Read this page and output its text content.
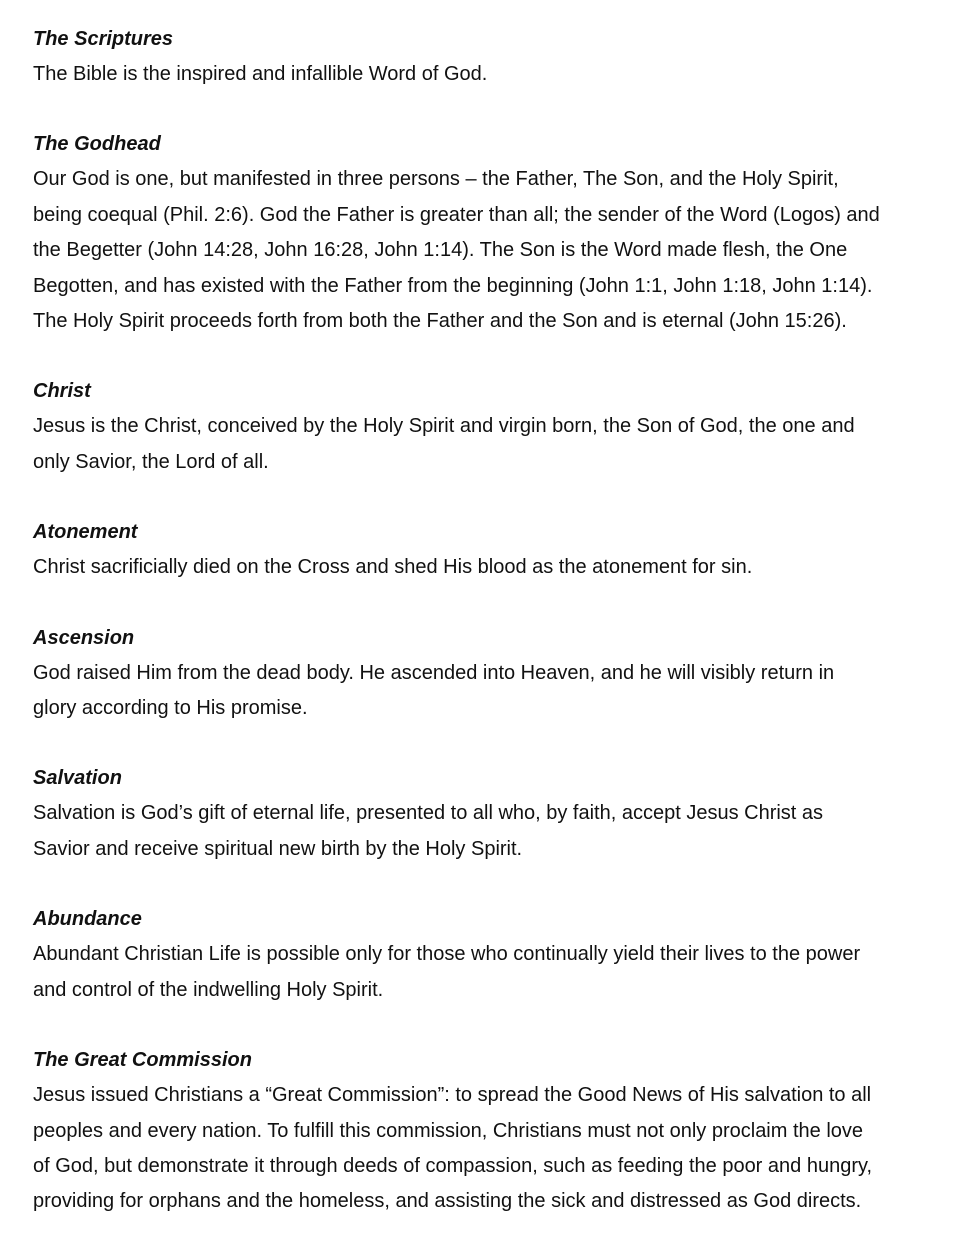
The Scriptures

The Bible is the inspired and infallible Word of God.

The Godhead

Our God is one, but manifested in three persons – the Father, The Son, and the Holy Spirit,
being coequal (Phil. 2:6). God the Father is greater than all; the sender of the Word (Logos) and
the Begetter (John 14:28, John 16:28, John 1:14). The Son is the Word made flesh, the One
Begotten, and has existed with the Father from the beginning (John 1:1, John 1:18, John 1:14).
The Holy Spirit proceeds forth from both the Father and the Son and is eternal (John 15:26).

Christ

Jesus is the Christ, conceived by the Holy Spirit and virgin born, the Son of God, the one and
only Savior, the Lord of all.

Atonement

Christ sacrificially died on the Cross and shed His blood as the atonement for sin.

Ascension

God raised Him from the dead body. He ascended into Heaven, and he will visibly return in
glory according to His promise.

Salvation

Salvation is God’s gift of eternal life, presented to all who, by faith, accept Jesus Christ as
Savior and receive spiritual new birth by the Holy Spirit.

Abundance

Abundant Christian Life is possible only for those who continually yield their lives to the power
and control of the indwelling Holy Spirit.

The Great Commission

Jesus issued Christians a “Great Commission”: to spread the Good News of His salvation to all
peoples and every nation. To fulfill this commission, Christians must not only proclaim the love
of God, but demonstrate it through deeds of compassion, such as feeding the poor and hungry,
providing for orphans and the homeless, and assisting the sick and distressed as God directs.
